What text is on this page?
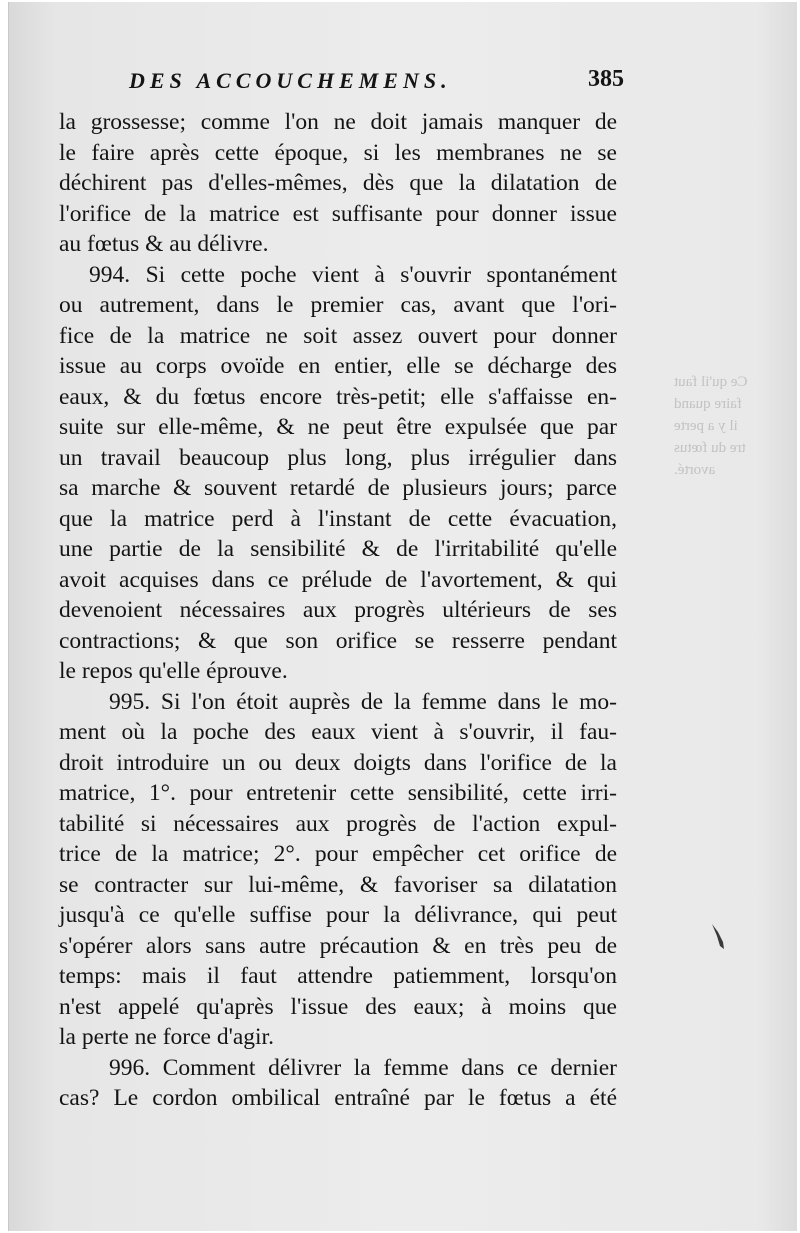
DES ACCOUCHEMENS.	385
la grossesse; comme l'on ne doit jamais manquer de
le faire après cette époque, si les membranes ne se
déchirent pas d'elles-mêmes, dès que la dilatation de
l'orifice de la matrice est suffisante pour donner issue
au fœtus & au délivre.
994. Si cette poche vient à s'ouvrir spontanément
ou autrement, dans le premier cas, avant que l'ori-
fice de la matrice ne soit assez ouvert pour donner
issue au corps ovoïde en entier, elle se décharge des
eaux, & du fœtus encore très-petit; elle s'affaisse en-
suite sur elle-même, & ne peut être expulsée que par
un travail beaucoup plus long, plus irrégulier dans
sa marche & souvent retardé de plusieurs jours; parce
que la matrice perd à l'instant de cette évacuation,
une partie de la sensibilité & de l'irritabilité qu'elle
avoit acquises dans ce prélude de l'avortement, & qui
devenoient nécessaires aux progrès ultérieurs de ses
contractions; & que son orifice se resserre pendant
le repos qu'elle éprouve.
995. Si l'on étoit auprès de la femme dans le mo-
ment où la poche des eaux vient à s'ouvrir, il fau-
droit introduire un ou deux doigts dans l'orifice de la
matrice, 1°. pour entretenir cette sensibilité, cette irri-
tabilité si nécessaires aux progrès de l'action expul-
trice de la matrice; 2°. pour empêcher cet orifice de
se contracter sur lui-même, & favoriser sa dilatation
jusqu'à ce qu'elle suffise pour la délivrance, qui peut
s'opérer alors sans autre précaution & en très peu de
temps: mais il faut attendre patiemment, lorsqu'on
n'est appelé qu'après l'issue des eaux; à moins que
la perte ne force d'agir.
996. Comment délivrer la femme dans ce dernier
cas? Le cordon ombilical entraîné par le fœtus a été
Ce qu'il faut
faire quand
il y a perte
tre du fœtus
avorté.
